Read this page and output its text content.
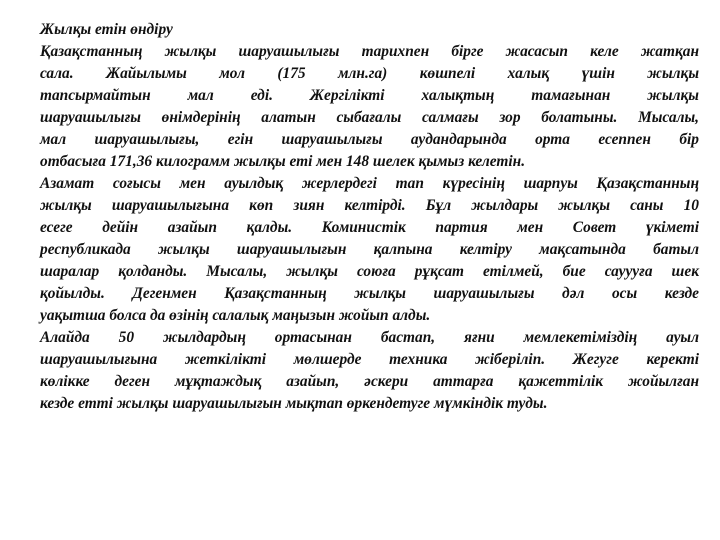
Жылқы етін өндіру
Қазақстанның жылқы шаруашылығы тарихпен бірге жасасып келе жатқан
сала. Жайылымы мол (175 млн.га) көшпелі халық үшін жылқы
тапсырмайтын мал еді. Жергілікті халықтың тамағынан жылқы
шаруашылығы өнімдерінің алатын сыбағалы салмағы зор болатыны. Мысалы,
мал шаруашылығы, егін шаруашылығы аудандарында орта есеппен бір
отбасыға 171,36 килограмм жылқы еті мен 148 шелек қымыз келетін.
Азамат соғысы мен ауылдық жерлердегі тап күресінің шарпуы Қазақстанның
жылқы шаруашылығына көп зиян келтірді. Бұл жылдары жылқы саны 10
есеге дейін азайып қалды. Коминистік партия мен Совет үкіметі
республикада жылқы шаруашылығын қалпына келтіру мақсатында батыл
шаралар қолданды. Мысалы, жылқы союға рұқсат етілмей, бие сауууға шек
қойылды. Дегенмен Қазақстанның жылқы шаруашылығы дәл осы кезде
уақытша болса да өзінің салалық маңызын жойып алды.
Алайда 50 жылдардың ортасынан бастап, яғни мемлекетіміздің ауыл
шаруашылығына жеткілікті мөлшерде техника жіберіліп. Жегуге керекті
көлікке деген мұқтаждық азайып, әскери аттарға қажеттілік жойылған
кезде етті жылқы шаруашылығын мықтап өркендетуге мүмкіндік туды.
